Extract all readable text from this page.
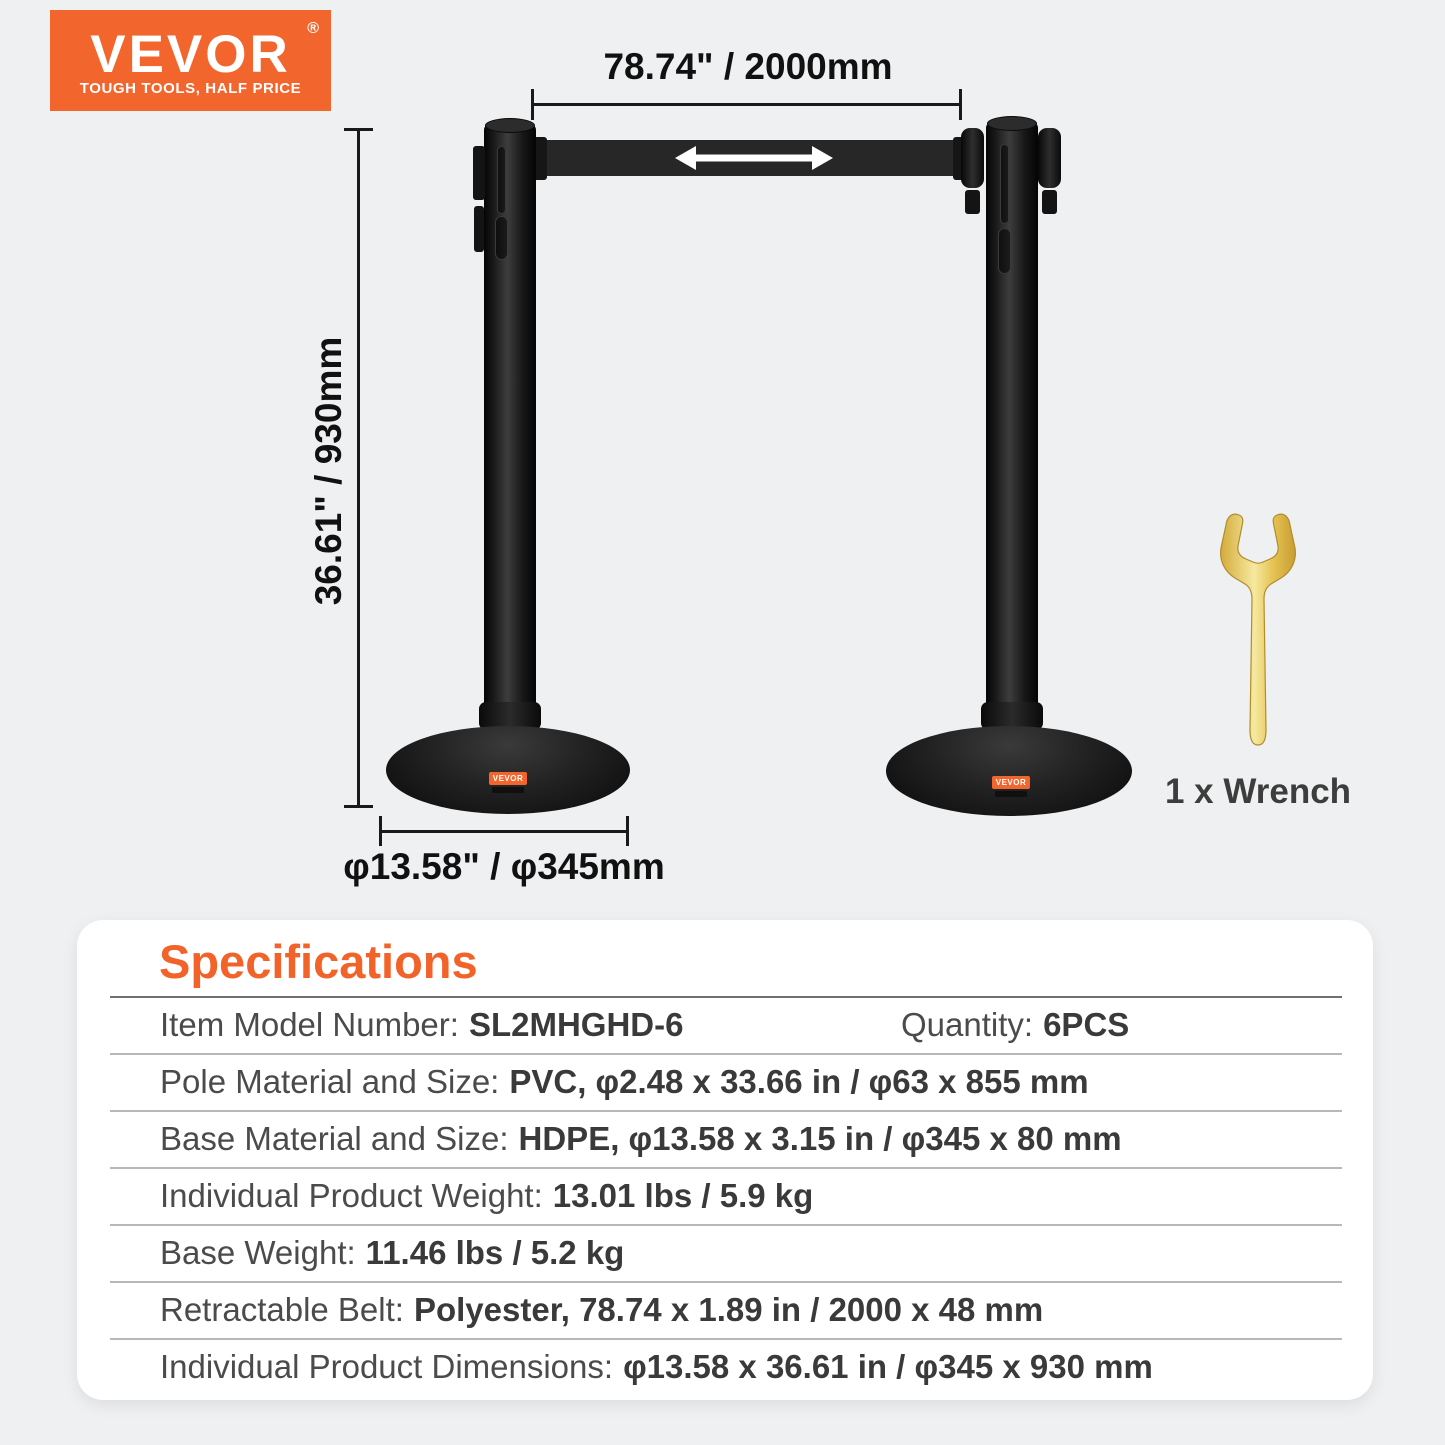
VEVOR	®
TOUGH TOOLS, HALF PRICE
78.74" / 2000mm
36.61" / 930mm
VEVOR	VEVOR
φ13.58" / φ345mm
1 x Wrench
Specifications
Item Model Number: SL2MHGHD-6	Quantity: 6PCS
Pole Material and Size: PVC, φ2.48 x 33.66 in / φ63 x 855 mm
Base Material and Size: HDPE, φ13.58 x 3.15 in / φ345 x 80 mm
Individual Product Weight: 13.01 lbs / 5.9 kg
Base Weight: 11.46 lbs / 5.2 kg
Retractable Belt: Polyester, 78.74 x 1.89 in / 2000 x 48 mm
Individual Product Dimensions: φ13.58 x 36.61 in / φ345 x 930 mm
